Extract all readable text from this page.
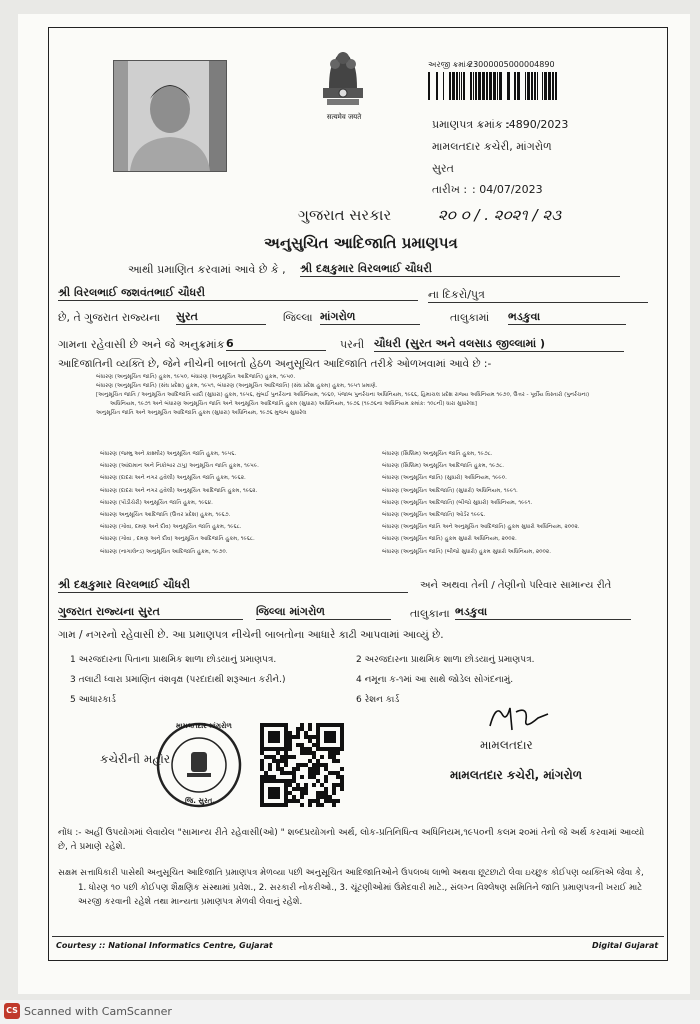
सत्यमेव जयते
અરજી ક્રમાંક :
23000005000004890
પ્રમાણપત્ર ક્રમાંક :
:4890/2023
મામલતદાર કચેરી, માંગરોળ
સુરત
તારીખ : : 04/07/2023
ગુજરાત સરકાર	૨૦ ૦ / . ૨૦૨૧ / ૨૩
અનુસુચિત આદિજાતિ પ્રમાણપત્ર
આથી પ્રમાણિત કરવામાં આવે છે કે , શ્રી દક્ષકુમાર વિરલભાઈ ચૌધરી
શ્રી વિરલભાઈ જશવંતભાઈ ચૌધરી	ના દિકરો/પુત્ર
છે, તે ગુજરાત રાજ્યના સુરત	જિલ્લા માંગરોળ	તાલુકામાં ભડકુવા
ગામના રહેવાસી છે અને જે અનુક્રમાંક 6	પરની ચૌધરી (સુરત અને વલસાડ જીલ્લામાં )
આદિજાતિની વ્યક્તિ છે, જેને નીચેની બાબતો હેઠળ અનુસૂચિત આદિજાતિ તરીકે ઓળખવામાં આવે છે :-
બંધારણ (અનુસૂચિત જાતિ) હુકમ, ૧૯૫૦, બંધારણ (અનુસૂચિત આદિજાતિ) હુકમ, ૧૯૫૦.
બંધારણ (અનુસૂચિત જાતિ) (સંઘ પ્રદેશ) હુકમ, ૧૯૫૧, બંધારણ (અનુસૂચિત આદિજાતિ) (સંઘ પ્રદેશ હુકમ) હુકમ, ૧૯૫૧ પ્રમાણે.
[અનુસૂચિત જાતિ / અનુસૂચિત આદિજાતિ યાદી (સુધારા) હુકમ, ૧૯૫૬, મુંબઈ પુનર્રચના અધિનિયમ, ૧૯૬૦, પંજાબ પુનર્રચના અધિનિયમ, ૧૯૬૬, હિમાચલ પ્રદેશ રાજ્ય અધિનિયમ ૧૯૭૦, ઉત્તર - પૂર્વીય વિસ્તારો (પુનર્રચના)
અધિનિયમ, ૧૯૭૧ અને બંધારણ અનુસૂચિત જાતિ અને અનુસૂચિત આદિજાતિ હુકમ (સુધારા) અધિનિયમ, ૧૯૭૬ (૧૯૭૬ના અધિનિયમ ક્રમાંક: ૧૦૮ની) ધારા સુધારેલા]
અનુસૂચિત જાતિ અને અનુસૂચિત આદિજાતિ હુકમ (સુધારા) અધિનિયમ, ૧૯૭૬ મુજબ સુધારેલ
બંધારણ (જમ્મુ અને કાશ્મીર) અનુસૂચિત જાતિ હુકમ, ૧૯૫૬.
બંધારણ (આંદામાન અને નિકોબાર ટાપુ) અનુસૂચિત જાતિ હુકમ, ૧૯૫૯.
બંધારણ (દાદરા અને નગર હવેલી) અનુસૂચિત જાતિ હુકમ, ૧૯૬૨.
બંધારણ (દાદરા અને નગર હવેલી) અનુસૂચિત આદિજાતિ હુકમ, ૧૯૬૨.
બંધારણ (પોંડીચેરી) અનુસૂચિત જાતિ હુકમ, ૧૯૬૪.
બંધારણ અનુસૂચિત આદિજાતિ (ઉત્તર પ્રદેશ) હુકમ, ૧૯૬૭.
બંધારણ (ગોવા, દમણ અને દીવ) અનુસૂચિત જાતિ હુકમ, ૧૯૬૮.
બંધારણ (ગોવા , દમણ અને દીવ) અનુસૂચિત આદિજાતિ હુકમ, ૧૯૬૮.
બંધારણ (નાગાલેન્ડ) અનુસૂચિત આદિજાતિ હુકમ, ૧૯૭૦.
બંધારણ (સિક્કિમ) અનુસૂચિત જાતિ હુકમ, ૧૯૭૮.
બંધારણ (સિક્કિમ) અનુસૂચિત આદિજાતિ હુકમ, ૧૯૭૮.
બંધારણ (અનુસૂચિત જાતિ) (સુધારો) અધિનિયમ, ૧૯૯૦.
બંધારણ (અનુસૂચિત આદિજાતિ) (સુધારો) અધિનિયમ, ૧૯૯૧.
બંધારણ (અનુસૂચિત આદિજાતિ) (બીજો સુધારો) અધિનિયમ, ૧૯૯૧.
બંધારણ (અનુસૂચિત આદિજાતિ) ઓર્ડર ૧૯૯૬.
બંધારણ (અનુસૂચિત જાતિ અને અનુસૂચિત આદિજાતિ) હુકમ સુધારો અધિનિયમ, ૨૦૦૨.
બંધારણ (અનુસૂચિત જાતિ) હુકમ સુધારો અધિનિયમ, ૨૦૦૨.
બંધારણ (અનુસૂચિત જાતિ) (બીજો સુધારો) હુકમ સુધારો અધિનિયમ, ૨૦૦૨.
શ્રી દક્ષકુમાર વિરલભાઈ ચૌધરી	અને અથવા તેની / તેણીનો પરિવાર સામાન્ય રીતે
ગુજરાત રાજ્યના સુરત	જિલ્લા માંગરોળ	તાલુકાના ભડકુવા
ગામ / નગરનો રહેવાસી છે. આ પ્રમાણપત્ર નીચેની બાબતોના આધારે કાઢી આપવામાં આવ્યું છે.
1 અરજદારના પિતાના પ્રાથમિક શાળા છોડયાનું પ્રમાણપત્ર.	2 અરજદારના પ્રાથમિક શાળા છોડયાનું પ્રમાણપત્ર.
3 તલાટી ધ્વારા પ્રમાણિત વંશવૃક્ષ (પરદાદાથી શરૂઆત કરીને.)	4 નમૂના ક-૧માં આ સાથે જોડેલ સોગંદનામું.
5 આધારકાર્ડ	6 રેશન કાર્ડ
કચેરીની મહોર
મામલતદાર માંગરોળ
જિ. સુરત.
મામલતદાર
મામલતદાર કચેરી, માંગરોળ
નોંધ :- અહીં ઉપયોગમાં લેવાયેલ "સામાન્ય રીતે રહેવાસી(ઓ) " શબ્દપ્રયોગનો અર્થ, લોક-પ્રતિનિધિત્વ અધિનિયમ,૧૯૫૦ની કલમ ૨૦માં તેનો જે અર્થ કરવામાં આવ્યો છે, તે પ્રમાણે રહેશે.
સક્ષમ સત્તાધિકારી પાસેથી અનુસૂચિત આદિજાતિ પ્રમાણપત્ર મેળવ્યા પછી અનુસૂચિત આદિજાતિઓને ઉપલબ્ધ લાભો અથવા છૂટછાટો લેવા ઇચ્છુક કોઈપણ વ્યક્તિએ જેવા કે,
1. ધોરણ ૧૦ પછી કોઈપણ શૈક્ષણિક સંસ્થામાં પ્રવેશ., 2. સરકારી નોકરીઓ., 3. ચૂંટણીઓમાં ઉમેદવારી માટે., સંલગ્ન વિશ્લેષણ સમિતિને જાતિ પ્રમાણપત્રની ખરાઈ માટે અરજી કરવાની રહેશે તથા માન્યતા પ્રમાણપત્ર મેળવી લેવાનું રહેશે.
Courtesy :: National Informatics Centre, Gujarat	Digital Gujarat
CS Scanned with CamScanner
